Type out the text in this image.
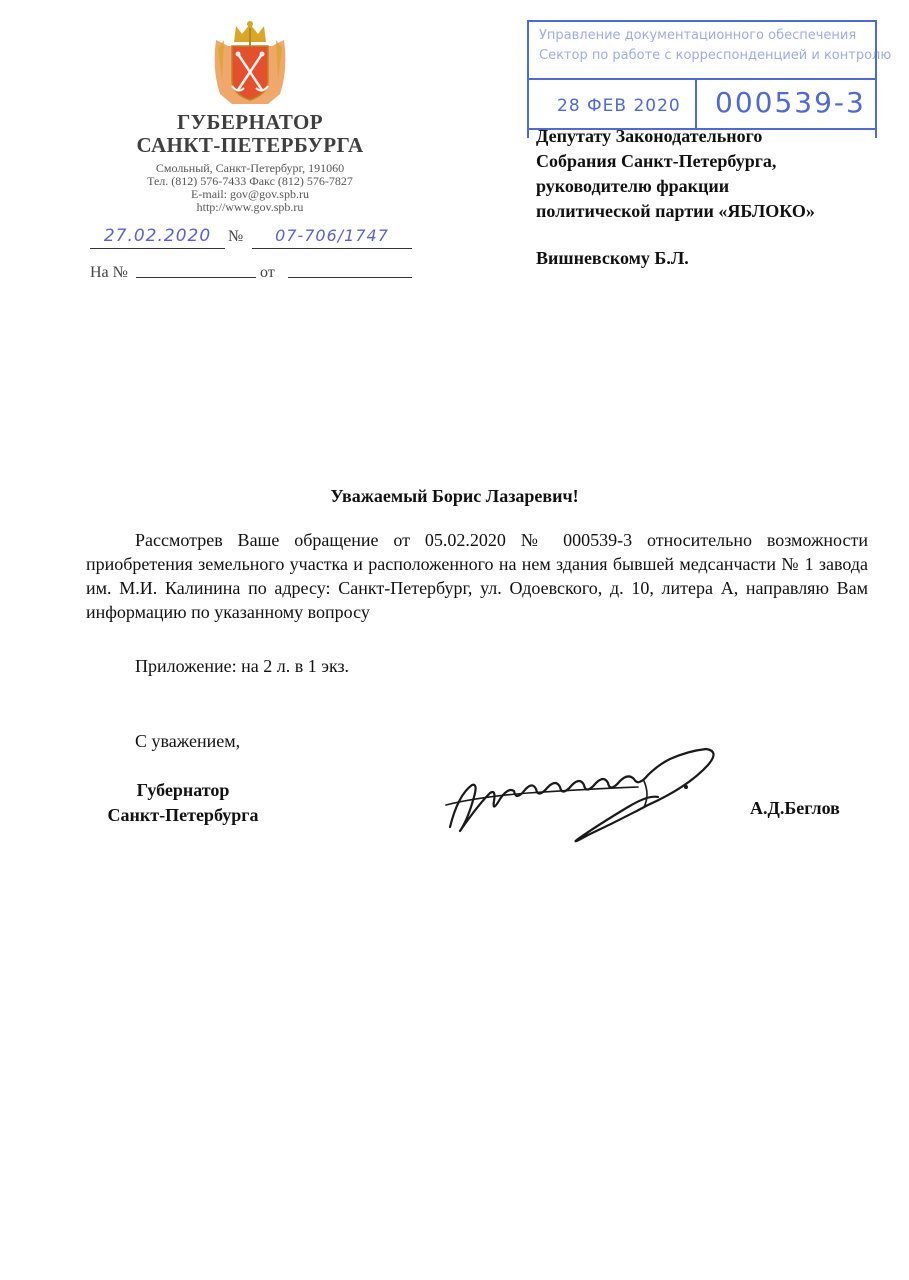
ГУБЕРНАТОР
САНКТ-ПЕТЕРБУРГА
Смольный, Санкт-Петербург, 191060
Тел. (812) 576-7433 Факс (812) 576-7827
E-mail: gov@gov.spb.ru
http://www.gov.spb.ru
27.02.2020	№	07-706/1747
На №	от
Управление документационного обеспечения
Сектор по работе с корреспонденцией и контролю
28 ФЕВ 2020 000539-3
Депутату Законодательного
Собрания Санкт-Петербурга,
руководителю фракции
политической партии «ЯБЛОКО»
Вишневскому Б.Л.
Уважаемый Борис Лазаревич!

Рассмотрев Ваше обращение от 05.02.2020 № 000539-3 относительно возможности приобретения земельного участка и расположенного на нем здания бывшей медсанчасти № 1 завода им. М.И. Калинина по адресу: Санкт-Петербург, ул. Одоевского, д. 10, литера А, направляю Вам информацию по указанному вопросу

Приложение: на 2 л. в 1 экз.
С уважением,
Губернатор
Санкт-Петербурга	А.Д.Беглов
